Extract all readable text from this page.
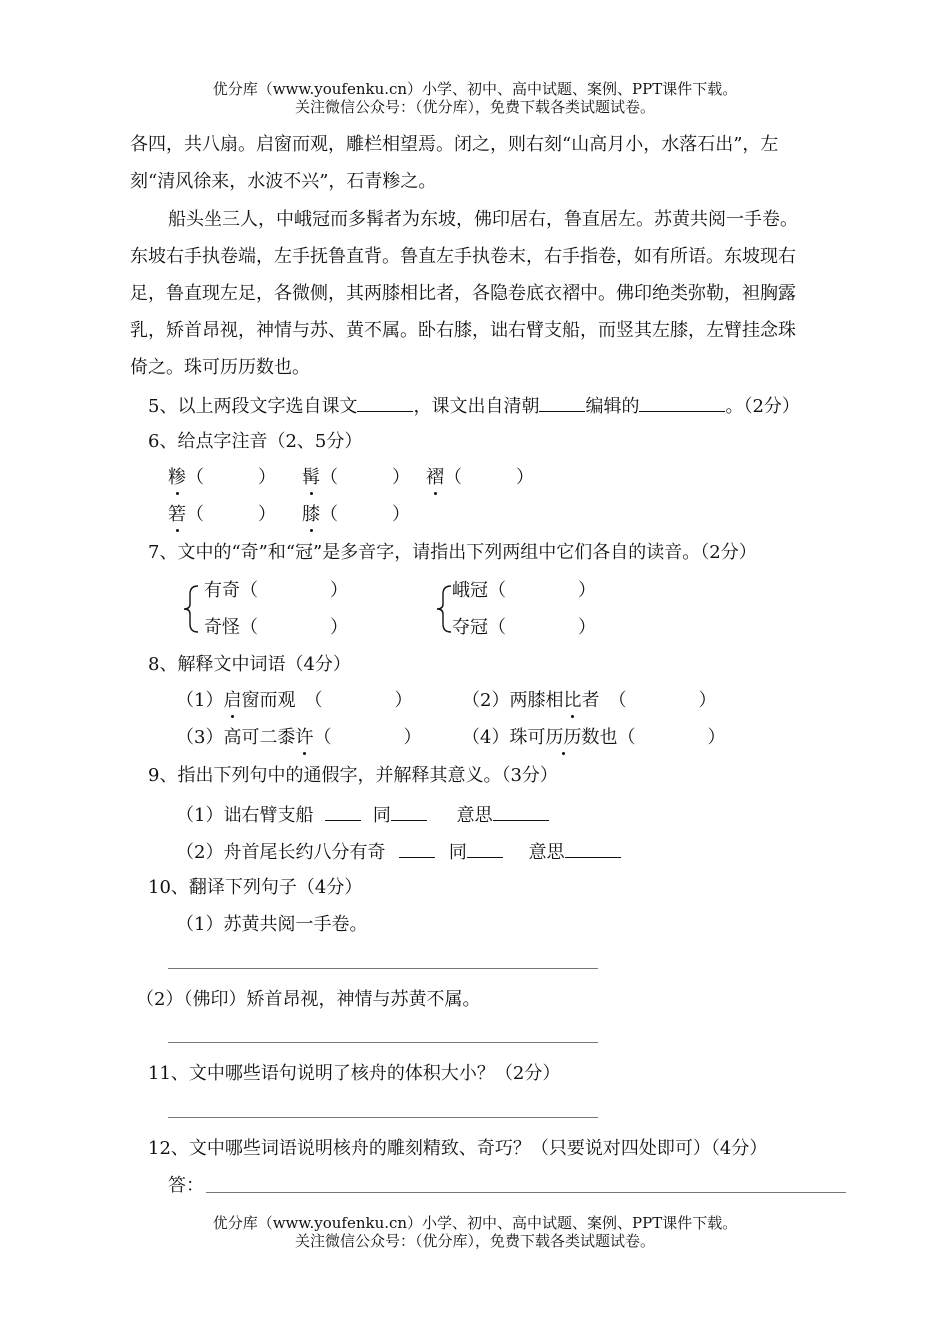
优分库（www.youfenku.cn）小学、初中、高中试题、案例、PPT课件下载。
关注微信公众号：（优分库），免费下载各类试题试卷。
各四，共八扇。启窗而观，雕栏相望焉。闭之，则右刻“山高月小，水落石出”，左
刻“清风徐来，水波不兴”，石青糁之。
船头坐三人，中峨冠而多髯者为东坡，佛印居右，鲁直居左。苏黄共阅一手卷。
东坡右手执卷端，左手抚鲁直背。鲁直左手执卷末，右手指卷，如有所语。东坡现右
足，鲁直现左足，各微侧，其两膝相比者，各隐卷底衣褶中。佛印绝类弥勒，袒胸露
乳，矫首昂视，神情与苏、黄不属。卧右膝，诎右臂支船，而竖其左膝，左臂挂念珠
倚之。珠可历历数也。
5、以上两段文字选自课文	，课文出自清朝	编辑的	。（2分）
6、给点字注音（2、5分）
糁（　　　） 髯（　　　） 褶（　　　）
箬（　　　） 膝（　　　）
7、文中的“奇”和“冠”是多音字，请指出下列两组中它们各自的读音。（2分）
有奇（　　　　）
奇怪（　　　　）
峨冠（　　　　）
夺冠（　　　　）
8、解释文中词语（4分）
（1）启窗而观　（　　　　）	（2）两膝相比者　（　　　　）
（3）高可二黍许（　　　　） （4）珠可历历数也（　　　　）
9、指出下列句中的通假字，并解释其意义。（3分）
（1）诎右臂支船	同	意思
（2）舟首尾长约八分有奇	同	意思
10、翻译下列句子（4分）
（1）苏黄共阅一手卷。
（2）（佛印）矫首昂视，神情与苏黄不属。
11、文中哪些语句说明了核舟的体积大小？（2分）
12、文中哪些词语说明核舟的雕刻精致、奇巧？（只要说对四处即可）（4分）
答：
优分库（www.youfenku.cn）小学、初中、高中试题、案例、PPT课件下载。
关注微信公众号：（优分库），免费下载各类试题试卷。
